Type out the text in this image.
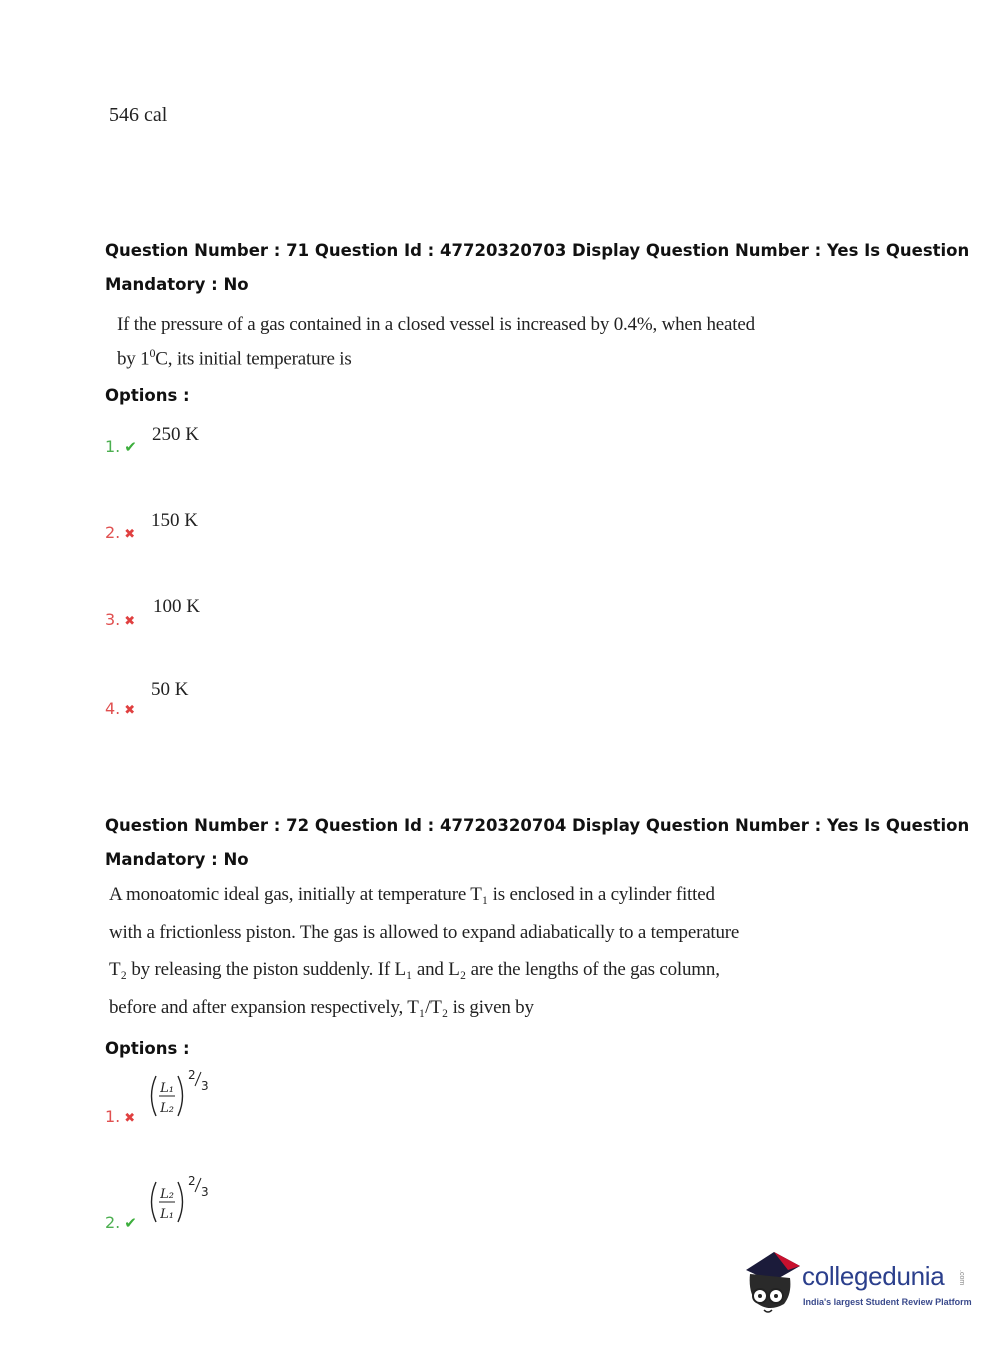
546 cal
Question Number : 71 Question Id : 47720320703 Display Question Number : Yes Is Question
Mandatory : No
If the pressure of a gas contained in a closed vessel is increased by 0.4%, when heated
by $1^0C$, its initial temperature is
Options :
1. ✔
250 K
2. ✖
150 K
3. ✖
100 K
4. ✖
50 K
Question Number : 72 Question Id : 47720320704 Display Question Number : Yes Is Question
Mandatory : No
A monoatomic ideal gas, initially at temperature T₁ is enclosed in a cylinder fitted
with a frictionless piston. The gas is allowed to expand adiabatically to a temperature
T₂ by releasing the piston suddenly. If L₁ and L₂ are the lengths of the gas column,
before and after expansion respectively, T₁/T₂ is given by
Options :
1. ✖
L₁
L₂
2
3
2. ✔
L₂
L₁
2
3
collegedunia .com
India's largest Student Review Platform
